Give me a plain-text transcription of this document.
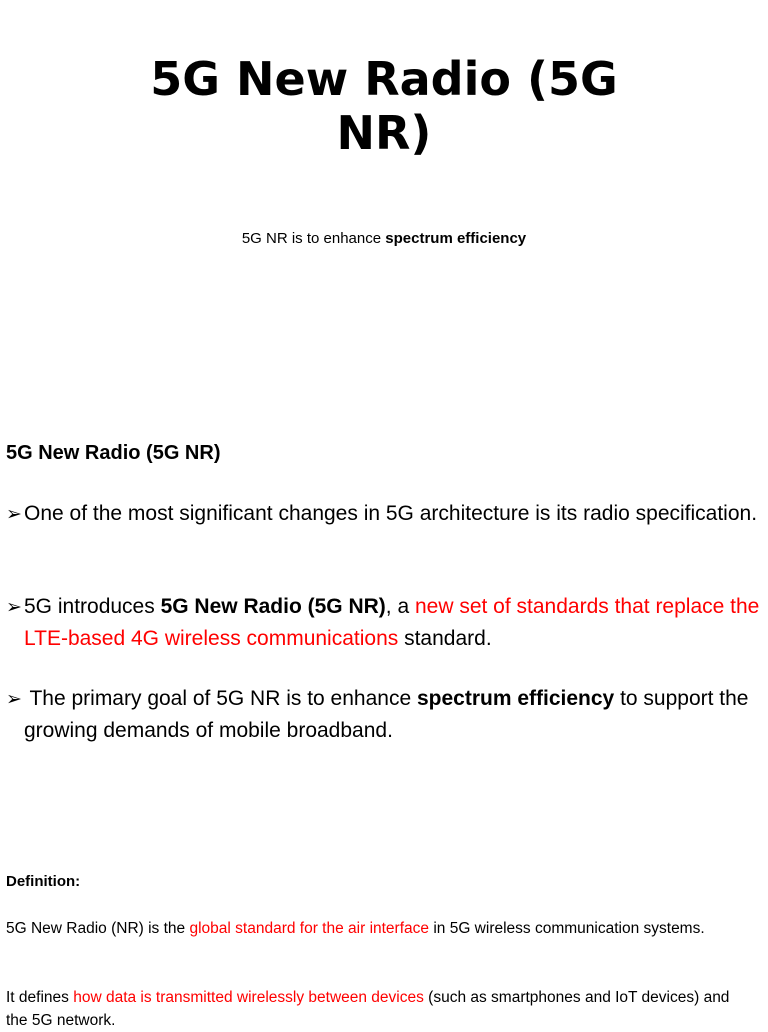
5G New Radio (5G NR)
5G NR is to enhance spectrum efficiency
5G New Radio (5G NR)
➢One of the most significant changes in 5G architecture is its radio specification.
➢5G introduces 5G New Radio (5G NR), a new set of standards that replace the LTE-based 4G wireless communications standard.
➢ The primary goal of 5G NR is to enhance spectrum efficiency to support the growing demands of mobile broadband.
Definition:
5G New Radio (NR) is the global standard for the air interface in 5G wireless communication systems.
It defines how data is transmitted wirelessly between devices (such as smartphones and IoT devices) and the 5G network.
